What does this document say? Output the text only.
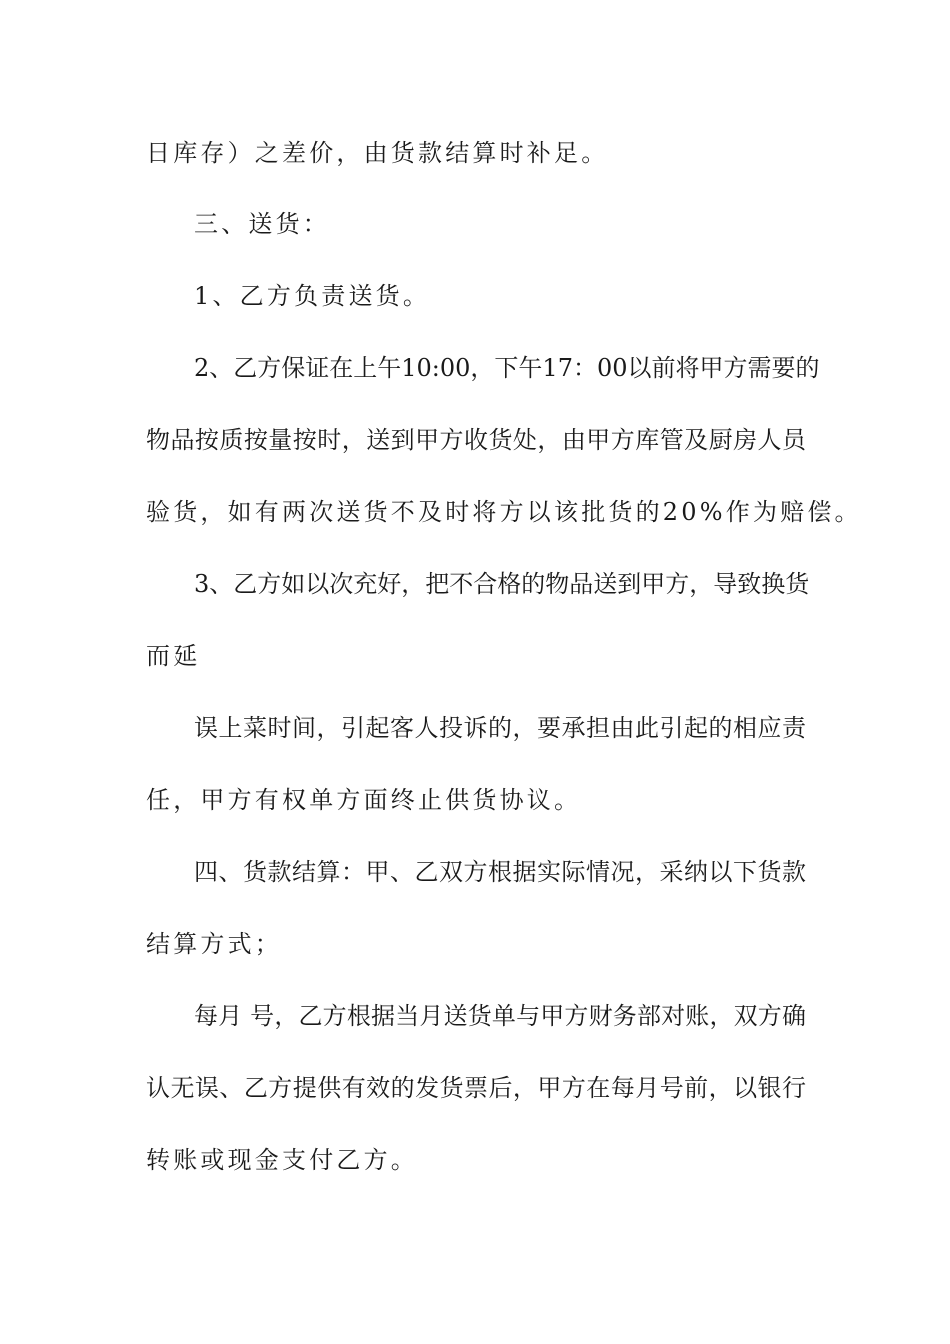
日库存）之差价，由货款结算时补足。
三、送货：
1、乙方负责送货。
2、乙方保证在上午10:00，下午17：00以前将甲方需要的
物品按质按量按时，送到甲方收货处，由甲方库管及厨房人员
验货，如有两次送货不及时将方以该批货的20%作为赔偿。
3、乙方如以次充好，把不合格的物品送到甲方，导致换货
而延
误上菜时间，引起客人投诉的，要承担由此引起的相应责
任，甲方有权单方面终止供货协议。
四、货款结算：甲、乙双方根据实际情况，采纳以下货款
结算方式；
每月 号，乙方根据当月送货单与甲方财务部对账，双方确
认无误、乙方提供有效的发货票后，甲方在每月号前，以银行
转账或现金支付乙方。
